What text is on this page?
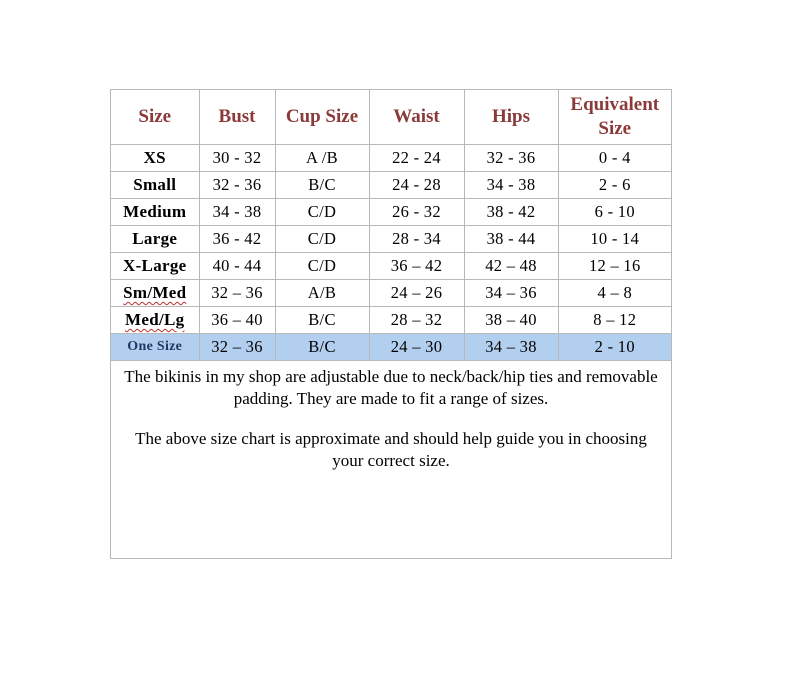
Size	Bust	Cup Size	Waist	Hips	Equivalent Size
XS	30 - 32	A /B	22 - 24	32 - 36	0 - 4
Small	32 - 36	B/C	24 - 28	34 - 38	2 - 6
Medium	34 - 38	C/D	26 - 32	38 - 42	6 - 10
Large	36 - 42	C/D	28 - 34	38 - 44	10 - 14
X-Large	40 - 44	C/D	36 – 42	42 – 48	12 – 16
Sm/Med	32 – 36	A/B	24 – 26	34 – 36	4 – 8
Med/Lg	36 – 40	B/C	28 – 32	38 – 40	8 – 12
One Size	32 – 36	B/C	24 – 30	34 – 38	2 - 10

The bikinis in my shop are adjustable due to neck/back/hip ties and removable padding. They are made to fit a range of sizes.

The above size chart is approximate and should help guide you in choosing your correct size.
